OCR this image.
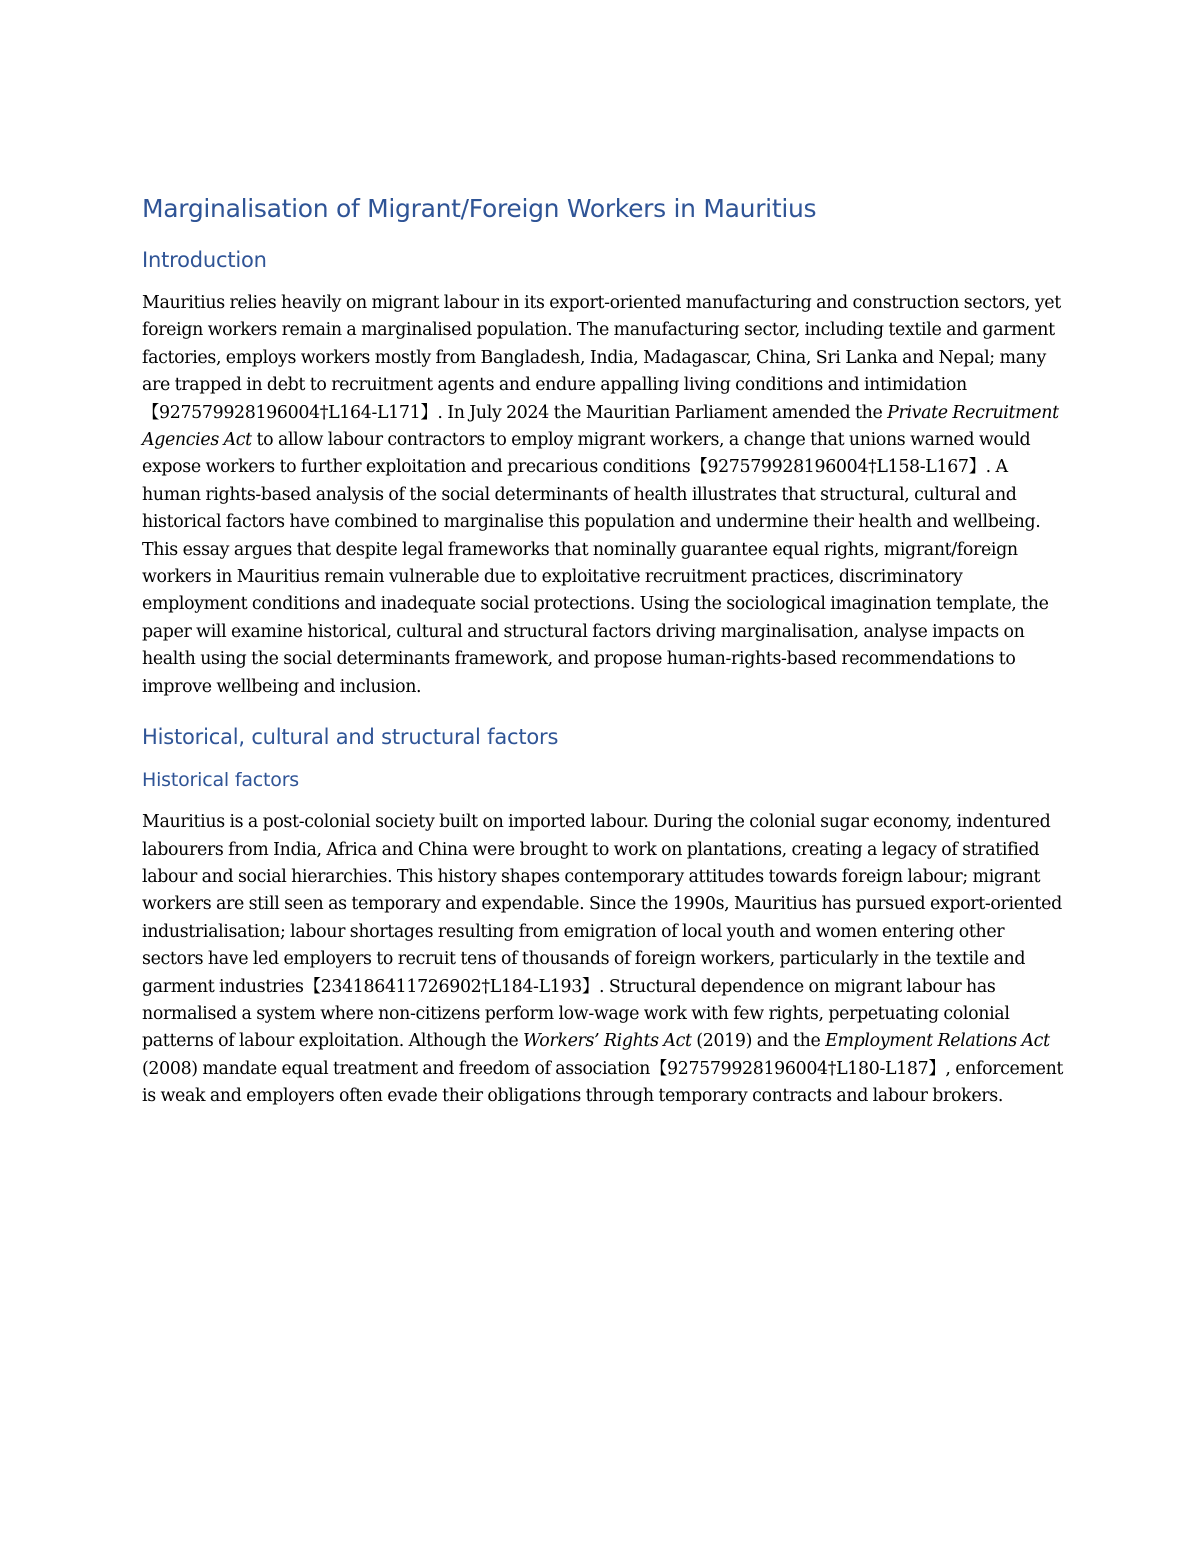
Marginalisation of Migrant/Foreign Workers in Mauritius
Introduction

Mauritius relies heavily on migrant labour in its export-oriented manufacturing and construction sectors, yet foreign workers remain a marginalised population. The manufacturing sector, including textile and garment factories, employs workers mostly from Bangladesh, India, Madagascar, China, Sri Lanka and Nepal; many are trapped in debt to recruitment agents and endure appalling living conditions and intimidation【927579928196004†L164-L171】. In July 2024 the Mauritian Parliament amended the Private Recruitment Agencies Act to allow labour contractors to employ migrant workers, a change that unions warned would expose workers to further exploitation and precarious conditions【927579928196004†L158-L167】. A human rights-based analysis of the social determinants of health illustrates that structural, cultural and historical factors have combined to marginalise this population and undermine their health and wellbeing. This essay argues that despite legal frameworks that nominally guarantee equal rights, migrant/foreign workers in Mauritius remain vulnerable due to exploitative recruitment practices, discriminatory employment conditions and inadequate social protections. Using the sociological imagination template, the paper will examine historical, cultural and structural factors driving marginalisation, analyse impacts on health using the social determinants framework, and propose human-rights-based recommendations to improve wellbeing and inclusion.

Historical, cultural and structural factors
Historical factors

Mauritius is a post-colonial society built on imported labour. During the colonial sugar economy, indentured labourers from India, Africa and China were brought to work on plantations, creating a legacy of stratified labour and social hierarchies. This history shapes contemporary attitudes towards foreign labour; migrant workers are still seen as temporary and expendable. Since the 1990s, Mauritius has pursued export-oriented industrialisation; labour shortages resulting from emigration of local youth and women entering other sectors have led employers to recruit tens of thousands of foreign workers, particularly in the textile and garment industries【234186411726902†L184-L193】. Structural dependence on migrant labour has normalised a system where non-citizens perform low-wage work with few rights, perpetuating colonial patterns of labour exploitation. Although the Workers’ Rights Act (2019) and the Employment Relations Act (2008) mandate equal treatment and freedom of association【927579928196004†L180-L187】, enforcement is weak and employers often evade their obligations through temporary contracts and labour brokers.
